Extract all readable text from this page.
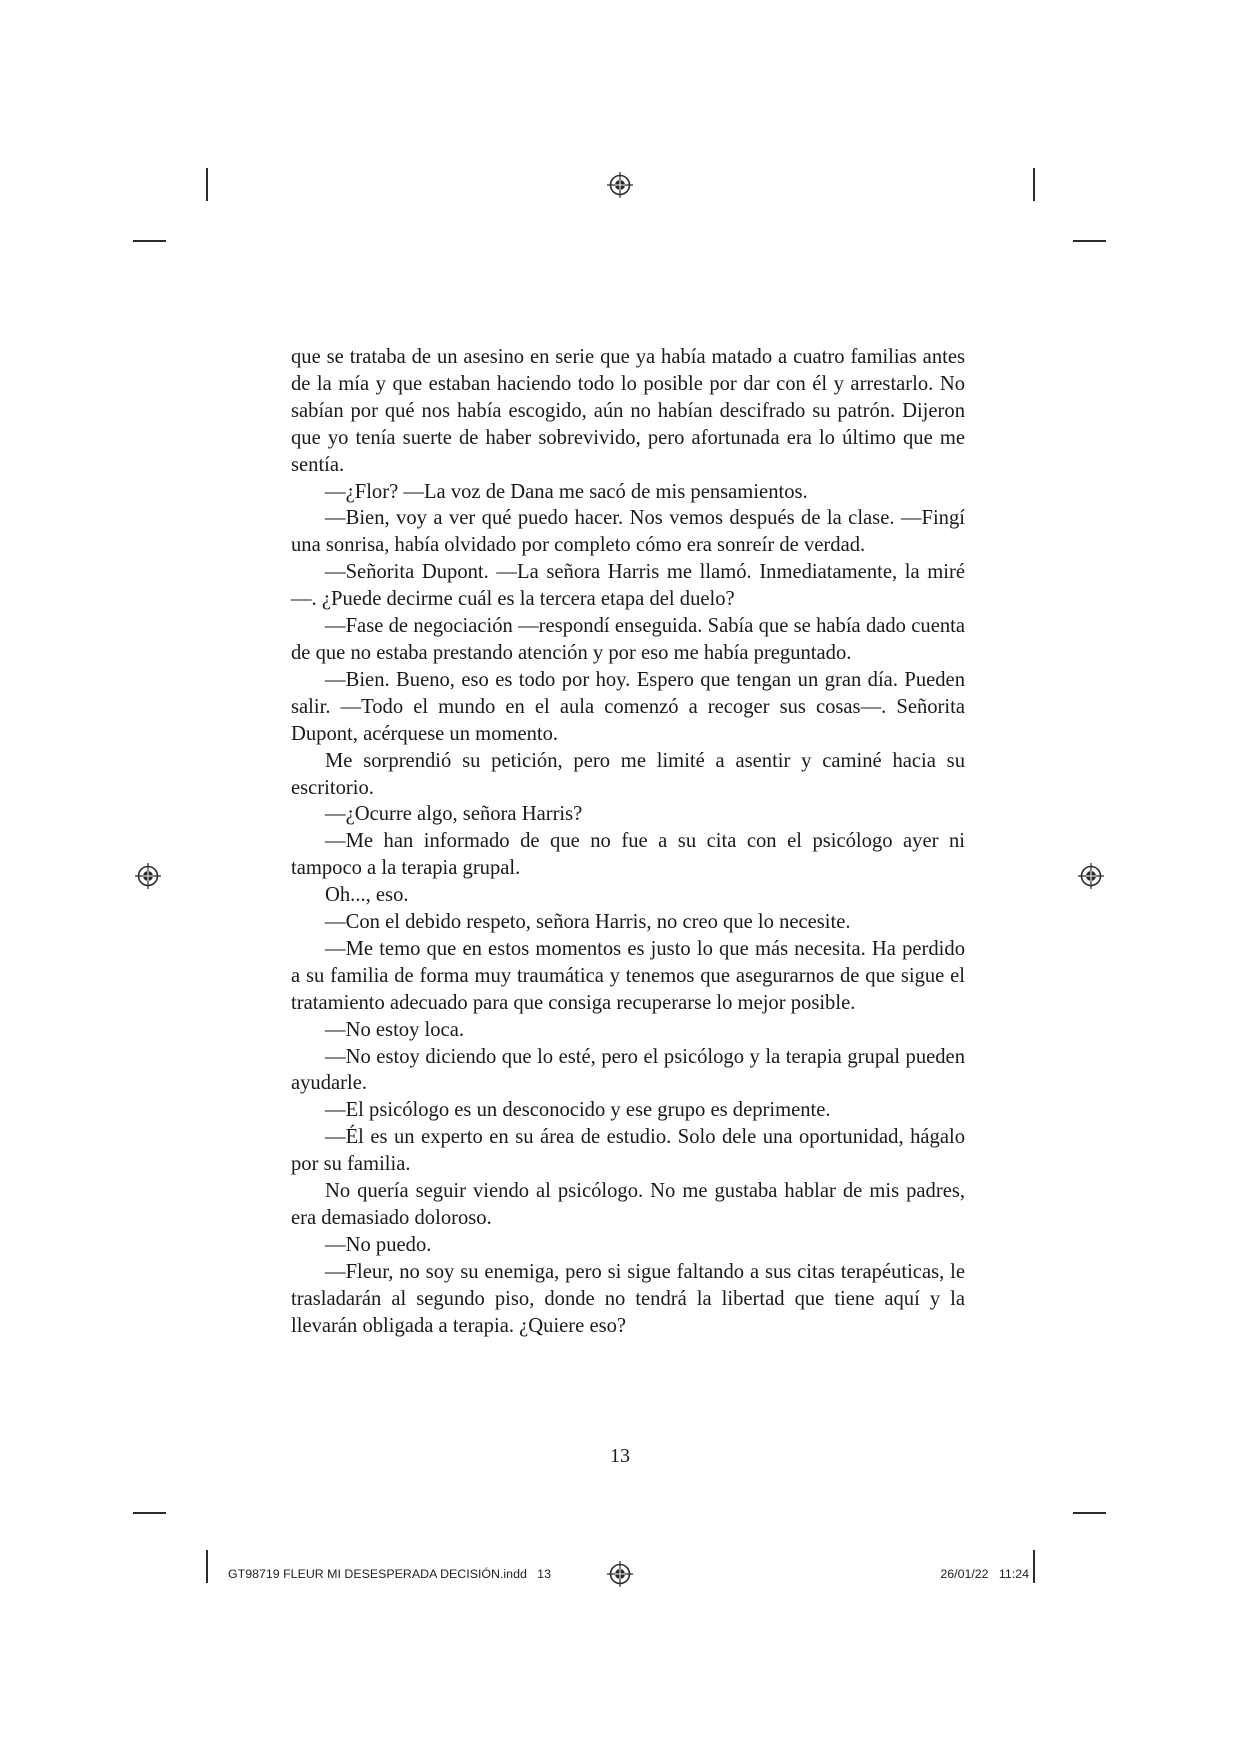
que se trataba de un asesino en serie que ya había matado a cuatro familias antes de la mía y que estaban haciendo todo lo posible por dar con él y arrestarlo. No sabían por qué nos había escogido, aún no habían descifrado su patrón. Dijeron que yo tenía suerte de haber sobrevivido, pero afortunada era lo último que me sentía.

—¿Flor? —La voz de Dana me sacó de mis pensamientos.

—Bien, voy a ver qué puedo hacer. Nos vemos después de la clase. —Fingí una sonrisa, había olvidado por completo cómo era sonreír de verdad.

—Señorita Dupont. —La señora Harris me llamó. Inmediatamente, la miré—. ¿Puede decirme cuál es la tercera etapa del duelo?

—Fase de negociación —respondí enseguida. Sabía que se había dado cuenta de que no estaba prestando atención y por eso me había preguntado.

—Bien. Bueno, eso es todo por hoy. Espero que tengan un gran día. Pueden salir. —Todo el mundo en el aula comenzó a recoger sus cosas—. Señorita Dupont, acérquese un momento.

Me sorprendió su petición, pero me limité a asentir y caminé hacia su escritorio.

—¿Ocurre algo, señora Harris?

—Me han informado de que no fue a su cita con el psicólogo ayer ni tampoco a la terapia grupal.

Oh..., eso.

—Con el debido respeto, señora Harris, no creo que lo necesite.

—Me temo que en estos momentos es justo lo que más necesita. Ha perdido a su familia de forma muy traumática y tenemos que asegurarnos de que sigue el tratamiento adecuado para que consiga recuperarse lo mejor posible.

—No estoy loca.

—No estoy diciendo que lo esté, pero el psicólogo y la terapia grupal pueden ayudarle.

—El psicólogo es un desconocido y ese grupo es deprimente.

—Él es un experto en su área de estudio. Solo dele una oportunidad, hágalo por su familia.

No quería seguir viendo al psicólogo. No me gustaba hablar de mis padres, era demasiado doloroso.

—No puedo.

—Fleur, no soy su enemiga, pero si sigue faltando a sus citas terapéuticas, le trasladarán al segundo piso, donde no tendrá la libertad que tiene aquí y la llevarán obligada a terapia. ¿Quiere eso?

13
GT98719 FLEUR MI DESESPERADA DECISIÓN.indd   13	26/01/22   11:24
